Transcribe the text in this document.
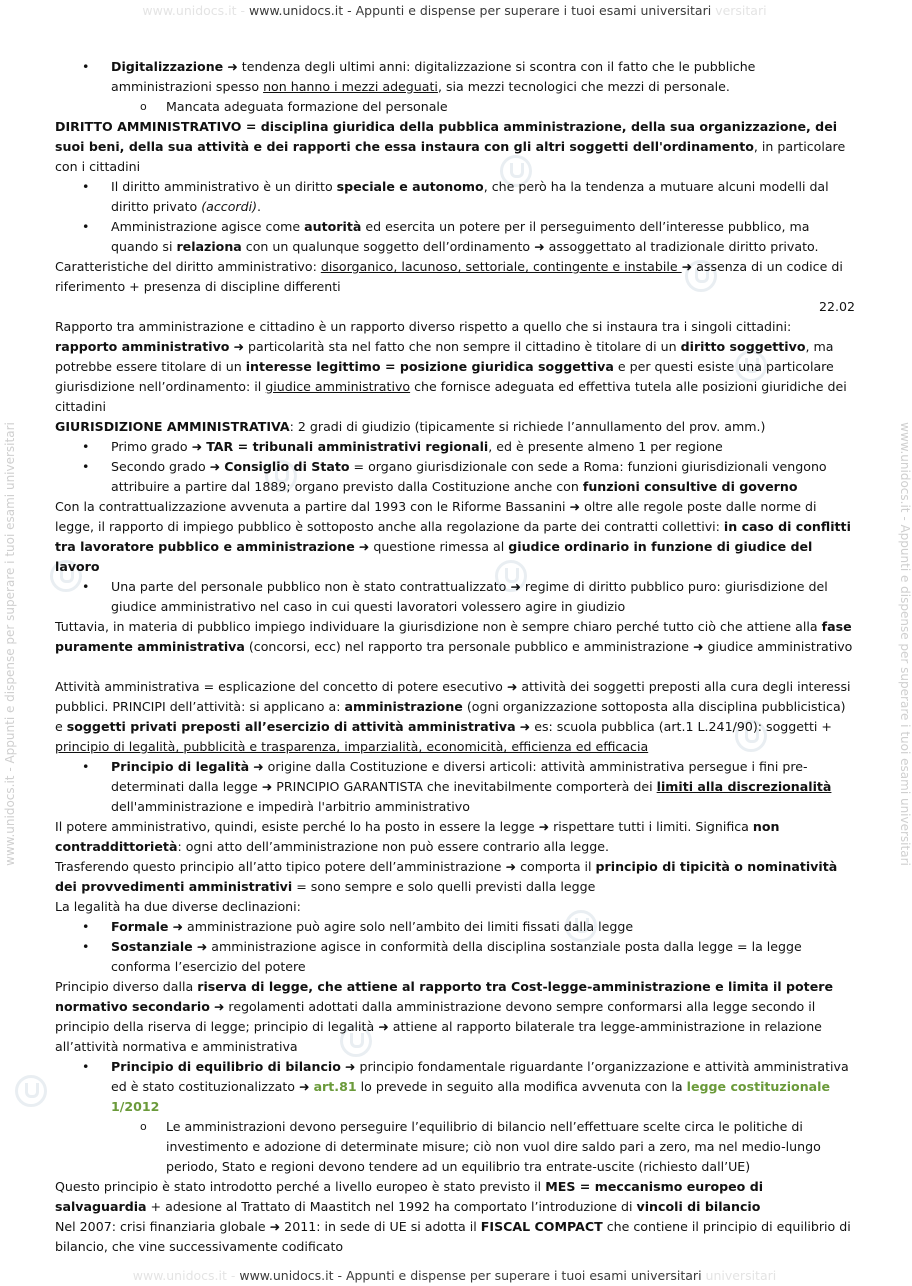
www.unidocs.it - www.unidocs.it - Appunti e dispense per superare i tuoi esami universitari versitari
www.unidocs.it - Appunti e dispense per superare i tuoi esami universitari	www.unidocs.it - Appunti e dispense per superare i tuoi esami universitari
• Digitalizzazione ➜ tendenza degli ultimi anni: digitalizzazione si scontra con il fatto che le pubbliche amministrazioni spesso non hanno i mezzi adeguati, sia mezzi tecnologici che mezzi di personale.
o Mancata adeguata formazione del personale

DIRITTO AMMINISTRATIVO = disciplina giuridica della pubblica amministrazione, della sua organizzazione, dei suoi beni, della sua attività e dei rapporti che essa instaura con gli altri soggetti dell'ordinamento, in particolare con i cittadini

• Il diritto amministrativo è un diritto speciale e autonomo, che però ha la tendenza a mutuare alcuni modelli dal diritto privato (accordi).
• Amministrazione agisce come autorità ed esercita un potere per il perseguimento dell’interesse pubblico, ma quando si relaziona con un qualunque soggetto dell’ordinamento ➜ assoggettato al tradizionale diritto privato.

Caratteristiche del diritto amministrativo: disorganico, lacunoso, settoriale, contingente e instabile ➜ assenza di un codice di riferimento + presenza di discipline differenti

22.02

Rapporto tra amministrazione e cittadino è un rapporto diverso rispetto a quello che si instaura tra i singoli cittadini: rapporto amministrativo ➜ particolarità sta nel fatto che non sempre il cittadino è titolare di un diritto soggettivo, ma potrebbe essere titolare di un interesse legittimo = posizione giuridica soggettiva e per questi esiste una particolare giurisdizione nell’ordinamento: il giudice amministrativo che fornisce adeguata ed effettiva tutela alle posizioni giuridiche dei cittadini

GIURISDIZIONE AMMINISTRATIVA: 2 gradi di giudizio (tipicamente si richiede l’annullamento del prov. amm.)

• Primo grado ➜ TAR = tribunali amministrativi regionali, ed è presente almeno 1 per regione
• Secondo grado ➜ Consiglio di Stato = organo giurisdizionale con sede a Roma: funzioni giurisdizionali vengono attribuire a partire dal 1889; organo previsto dalla Costituzione anche con funzioni consultive di governo

Con la contrattualizzazione avvenuta a partire dal 1993 con le Riforme Bassanini ➜ oltre alle regole poste dalle norme di legge, il rapporto di impiego pubblico è sottoposto anche alla regolazione da parte dei contratti collettivi: in caso di conflitti tra lavoratore pubblico e amministrazione ➜ questione rimessa al giudice ordinario in funzione di giudice del lavoro

• Una parte del personale pubblico non è stato contrattualizzato ➜ regime di diritto pubblico puro: giurisdizione del giudice amministrativo nel caso in cui questi lavoratori volessero agire in giudizio

Tuttavia, in materia di pubblico impiego individuare la giurisdizione non è sempre chiaro perché tutto ciò che attiene alla fase puramente amministrativa (concorsi, ecc) nel rapporto tra personale pubblico e amministrazione ➜ giudice amministrativo

Attività amministrativa = esplicazione del concetto di potere esecutivo ➜ attività dei soggetti preposti alla cura degli interessi pubblici. PRINCIPI dell’attività: si applicano a: amministrazione (ogni organizzazione sottoposta alla disciplina pubblicistica) e soggetti privati preposti all’esercizio di attività amministrativa ➜ es: scuola pubblica (art.1 L.241/90): soggetti + principio di legalità, pubblicità e trasparenza, imparzialità, economicità, efficienza ed efficacia

• Principio di legalità ➜ origine dalla Costituzione e diversi articoli: attività amministrativa persegue i fini pre-determinati dalla legge ➜ PRINCIPIO GARANTISTA che inevitabilmente comporterà dei limiti alla discrezionalità dell'amministrazione e impedirà l'arbitrio amministrativo

Il potere amministrativo, quindi, esiste perché lo ha posto in essere la legge ➜ rispettare tutti i limiti. Significa non contraddittorietà: ogni atto dell’amministrazione non può essere contrario alla legge.

Trasferendo questo principio all’atto tipico potere dell’amministrazione ➜ comporta il principio di tipicità o nominatività dei provvedimenti amministrativi = sono sempre e solo quelli previsti dalla legge

La legalità ha due diverse declinazioni:

• Formale ➜ amministrazione può agire solo nell’ambito dei limiti fissati dalla legge
• Sostanziale ➜ amministrazione agisce in conformità della disciplina sostanziale posta dalla legge = la legge conforma l’esercizio del potere

Principio diverso dalla riserva di legge, che attiene al rapporto tra Cost-legge-amministrazione e limita il potere normativo secondario ➜ regolamenti adottati dalla amministrazione devono sempre conformarsi alla legge secondo il principio della riserva di legge; principio di legalità ➜ attiene al rapporto bilaterale tra legge-amministrazione in relazione all’attività normativa e amministrativa

• Principio di equilibrio di bilancio ➜ principio fondamentale riguardante l’organizzazione e attività amministrativa ed è stato costituzionalizzato ➜ art.81 lo prevede in seguito alla modifica avvenuta con la legge costituzionale 1/2012
o Le amministrazioni devono perseguire l’equilibrio di bilancio nell’effettuare scelte circa le politiche di investimento e adozione di determinate misure; ciò non vuol dire saldo pari a zero, ma nel medio-lungo periodo, Stato e regioni devono tendere ad un equilibrio tra entrate-uscite (richiesto dall’UE)

Questo principio è stato introdotto perché a livello europeo è stato previsto il MES = meccanismo europeo di salvaguardia + adesione al Trattato di Maastitch nel 1992 ha comportato l’introduzione di vincoli di bilancio

Nel 2007: crisi finanziaria globale ➜ 2011: in sede di UE si adotta il FISCAL COMPACT che contiene il principio di equilibrio di bilancio, che vine successivamente codificato

www.unidocs.it - www.unidocs.it - Appunti e dispense per superare i tuoi esami universitari universitari
